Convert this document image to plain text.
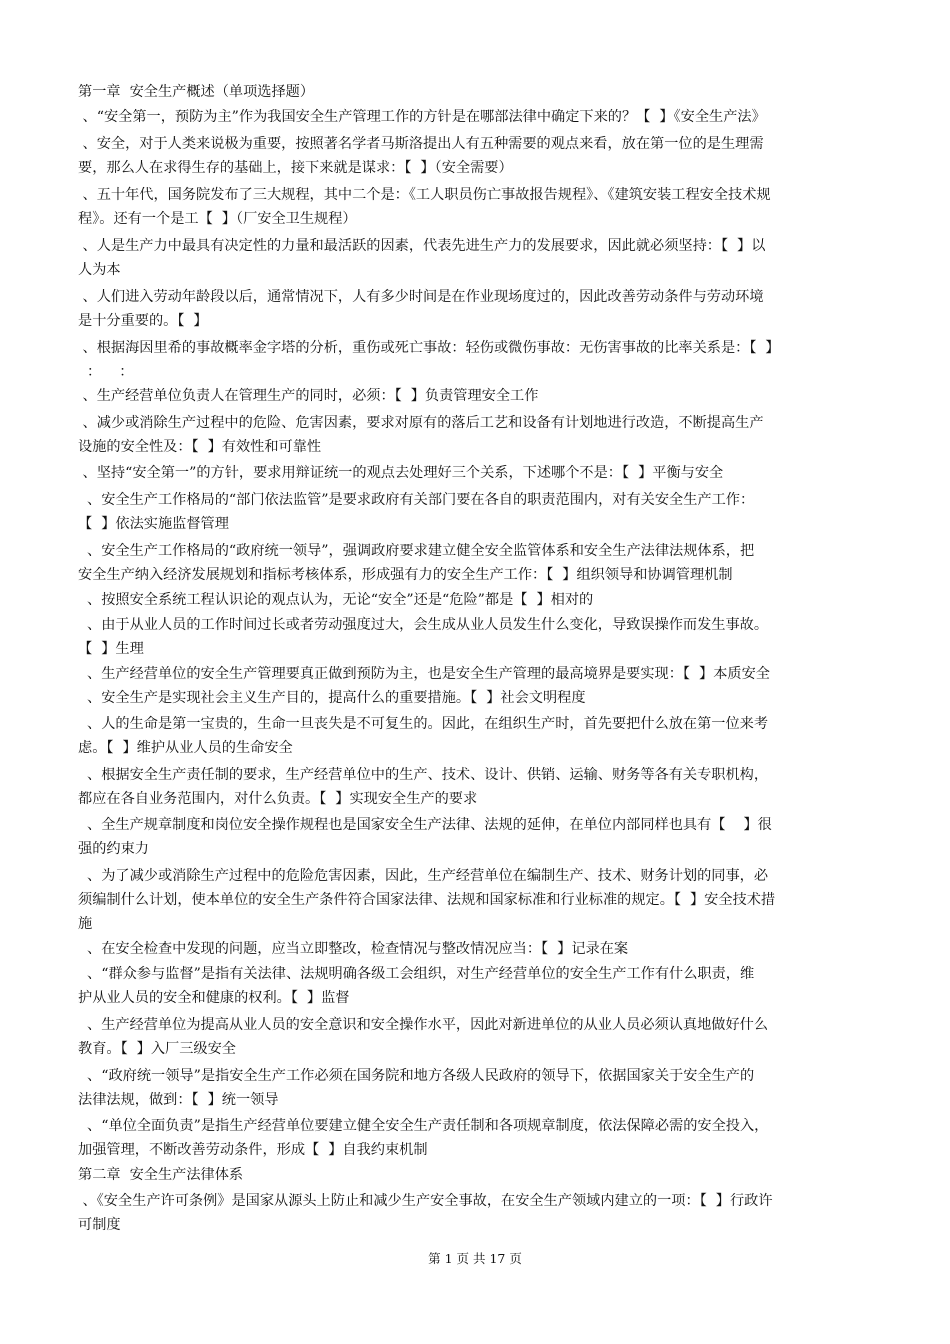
第一章  安全生产概述（单项选择题）
、“安全第一，预防为主”作为我国安全生产管理工作的方针是在哪部法律中确定下来的？【  】《安全生产法》
、安全，对于人类来说极为重要，按照著名学者马斯洛提出人有五种需要的观点来看，放在第一位的是生理需
要，那么人在求得生存的基础上，接下来就是谋求：【  】（安全需要）
、五十年代，国务院发布了三大规程，其中二个是：《工人职员伤亡事故报告规程》、《建筑安装工程安全技术规
程》。还有一个是工【  】（厂安全卫生规程）
、人是生产力中最具有决定性的力量和最活跃的因素，代表先进生产力的发展要求，因此就必须坚持：【  】以
人为本
、人们进入劳动年龄段以后，通常情况下，人有多少时间是在作业现场度过的，因此改善劳动条件与劳动环境
是十分重要的。【  】
、根据海因里希的事故概率金字塔的分析，重伤或死亡事故：轻伤或微伤事故：无伤害事故的比率关系是：【  】
：    ：
、生产经营单位负责人在管理生产的同时，必须：【  】负责管理安全工作
、减少或消除生产过程中的危险、危害因素，要求对原有的落后工艺和设备有计划地进行改造，不断提高生产
设施的安全性及：【  】有效性和可靠性
、坚持“安全第一”的方针，要求用辩证统一的观点去处理好三个关系，下述哪个不是：【  】平衡与安全
、安全生产工作格局的“部门依法监管”是要求政府有关部门要在各自的职责范围内，对有关安全生产工作：
【  】依法实施监督管理
、安全生产工作格局的“政府统一领导”，强调政府要求建立健全安全监管体系和安全生产法律法规体系，把
安全生产纳入经济发展规划和指标考核体系，形成强有力的安全生产工作：【  】组织领导和协调管理机制
、按照安全系统工程认识论的观点认为，无论“安全”还是“危险”都是【  】相对的
、由于从业人员的工作时间过长或者劳动强度过大，会生成从业人员发生什么变化，导致误操作而发生事故。
【  】生理
、生产经营单位的安全生产管理要真正做到预防为主，也是安全生产管理的最高境界是要实现：【  】本质安全
、安全生产是实现社会主义生产目的，提高什么的重要措施。【  】社会文明程度
、人的生命是第一宝贵的，生命一旦丧失是不可复生的。因此，在组织生产时，首先要把什么放在第一位来考
虑。【  】维护从业人员的生命安全
、根据安全生产责任制的要求，生产经营单位中的生产、技术、设计、供销、运输、财务等各有关专职机构，
都应在各自业务范围内，对什么负责。【  】实现安全生产的要求
、全生产规章制度和岗位安全操作规程也是国家安全生产法律、法规的延伸，在单位内部同样也具有【    】很
强的约束力
、为了减少或消除生产过程中的危险危害因素，因此，生产经营单位在编制生产、技术、财务计划的同事，必
须编制什么计划，使本单位的安全生产条件符合国家法律、法规和国家标准和行业标准的规定。【  】安全技术措
施
、在安全检查中发现的问题，应当立即整改，检查情况与整改情况应当：【  】记录在案
、“群众参与监督”是指有关法律、法规明确各级工会组织，对生产经营单位的安全生产工作有什么职责，维
护从业人员的安全和健康的权利。【  】监督
、生产经营单位为提高从业人员的安全意识和安全操作水平，因此对新进单位的从业人员必须认真地做好什么
教育。【  】入厂三级安全
、“政府统一领导”是指安全生产工作必须在国务院和地方各级人民政府的领导下，依据国家关于安全生产的
法律法规，做到：【  】统一领导
、“单位全面负责”是指生产经营单位要建立健全安全生产责任制和各项规章制度，依法保障必需的安全投入，
加强管理，不断改善劳动条件，形成【  】自我约束机制
第二章  安全生产法律体系
、《安全生产许可条例》是国家从源头上防止和减少生产安全事故，在安全生产领域内建立的一项：【  】行政许
可制度
第 1 页 共 17 页
